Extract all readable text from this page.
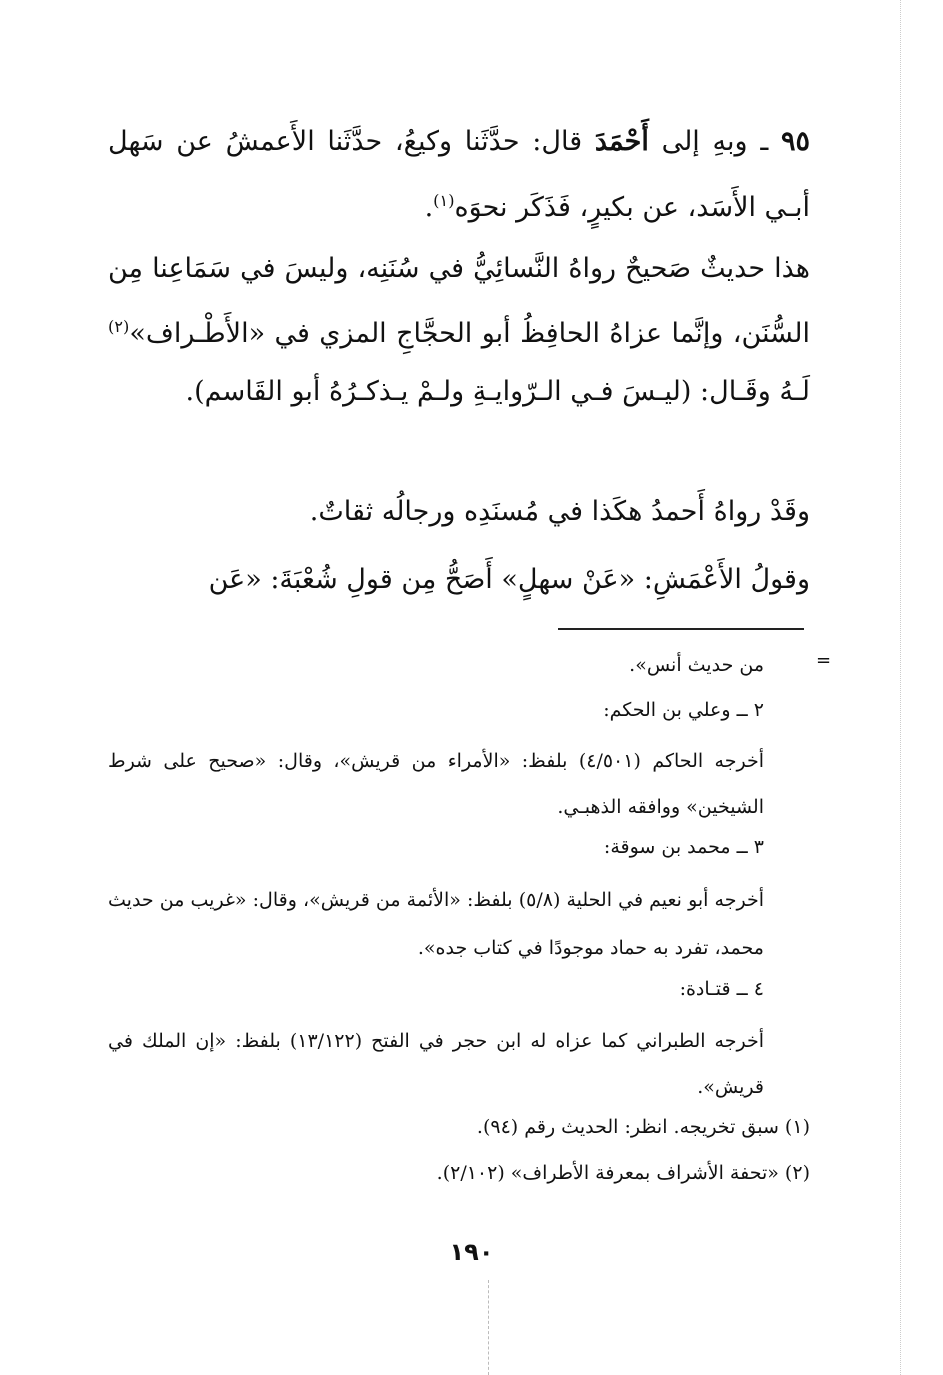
٩٥ ـ وبهِ إلى أَحْمَدَ قال: حدَّثَنا وكيعُ، حدَّثَنا الأَعمشُ عن سَهل أبـي الأَسَد، عن بكيرٍ، فَذَكَر نحوَه$^{(١)}$.

هذا حديثٌ صَحيحٌ رواهُ النَّسائِيُّ في سُنَنِه، وليسَ في سَمَاعِنا مِن السُّنَن، وإنَّما عزاهُ الحافِظُ أبو الحجَّاجِ المزي في «الأَطْـراف»$^{(٢)}$ لَـهُ وقَـال: (ليـسَ فـي الـرّوايـةِ ولـمْ يـذكـرُهُ أبو القَاسم).

وقَدْ رواهُ أَحمدُ هكَذا في مُسنَدِه ورجالُه ثقاتٌ.

وقولُ الأَعْمَشِ: «عَنْ سهلٍ» أَصَحُّ مِن قولِ شُعْبَةَ: «عَن

=

من حديث أنس».

٢ ــ وعلي بن الحكم:

أخرجه الحاكم (٤/٥٠١) بلفظ: «الأمراء من قريش»، وقال: «صحيح على شرط الشيخين» ووافقه الذهبـي.

٣ ــ محمد بن سوقة:

أخرجه أبو نعيم في الحلية (٥/٨) بلفظ: «الأئمة من قريش»، وقال: «غريب من حديث محمد، تفرد به حماد موجودًا في كتاب جده».

٤ ــ قتـادة:

أخرجه الطبراني كما عزاه له ابن حجر في الفتح (١٣/١٢٢) بلفظ: «إن الملك في قريش».

(١) سبق تخريجه. انظر: الحديث رقم (٩٤).

(٢) «تحفة الأشراف بمعرفة الأطراف» (٢/١٠٢).

١٩٠
